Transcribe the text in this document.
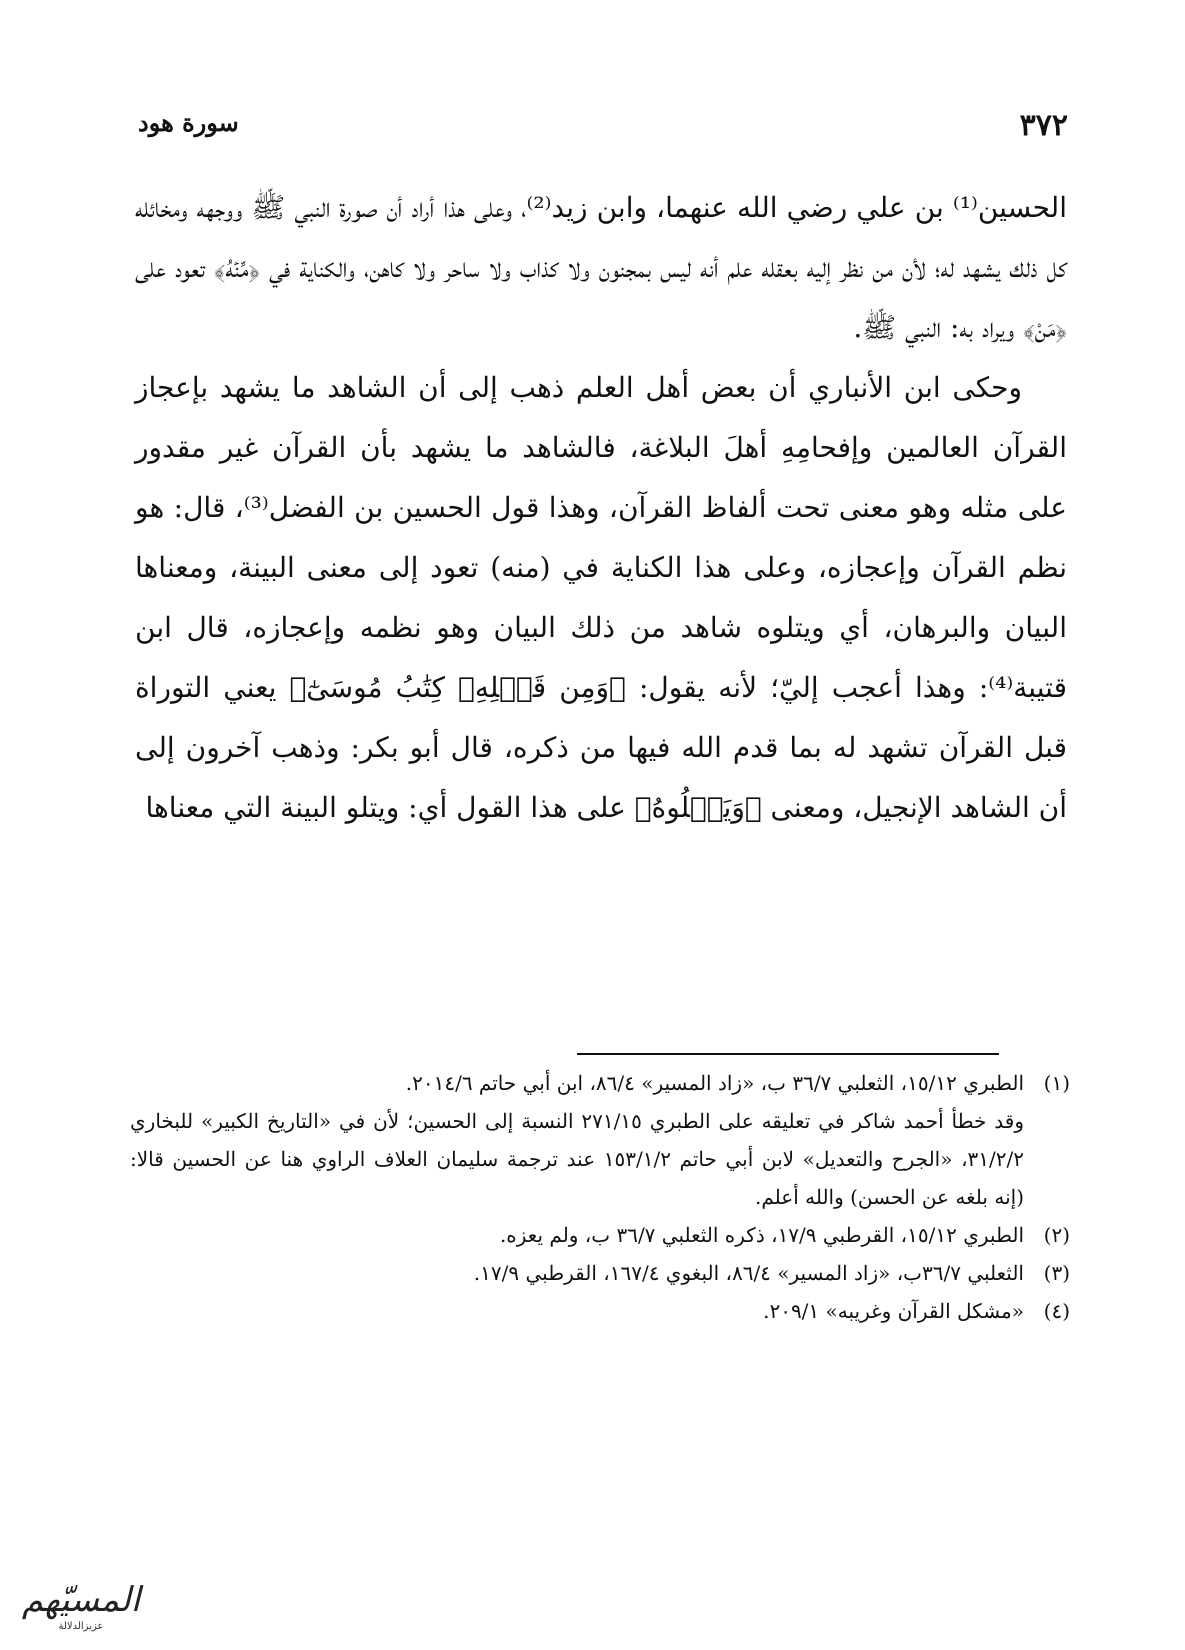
٣٧٢
سورة هود

الحسين⁽¹⁾ بن علي رضي الله عنهما، وابن زيد⁽²⁾، وعلى هذا أراد أن صورة النبي ﷺ ووجهه ومخائله كل ذلك يشهد له؛ لأن من نظر إليه بعقله علم أنه ليس بمجنون ولا كذاب ولا ساحر ولا كاهن، والكناية في ﴿مِّنۡهُ﴾ تعود على ﴿مَنْ﴾ ويراد به: النبي ﷺ.

وحكى ابن الأنباري أن بعض أهل العلم ذهب إلى أن الشاهد ما يشهد بإعجاز القرآن العالمين وإفحامِهِ أهلَ البلاغة، فالشاهد ما يشهد بأن القرآن غير مقدور على مثله وهو معنى تحت ألفاظ القرآن، وهذا قول الحسين بن الفضل⁽³⁾، قال: هو نظم القرآن وإعجازه، وعلى هذا الكناية في (منه) تعود إلى معنى البينة، ومعناها البيان والبرهان، أي ويتلوه شاهد من ذلك البيان وهو نظمه وإعجازه، قال ابن قتيبة⁽⁴⁾: وهذا أعجب إليّ؛ لأنه يقول: ﴿وَمِن قَبۡلِهِۦ كِتَٰبُ مُوسَىٰٓ﴾ يعني التوراة قبل القرآن تشهد له بما قدم الله فيها من ذكره، قال أبو بكر: وذهب آخرون إلى أن الشاهد الإنجيل، ومعنى ﴿وَيَتۡلُوهُ﴾ على هذا القول أي: ويتلو البينة التي معناها

(١)
الطبري ١٥/١٢، الثعلبي ٣٦/٧ ب، «زاد المسير» ٨٦/٤، ابن أبي حاتم ٢٠١٤/٦.
وقد خطأ أحمد شاكر في تعليقه على الطبري ٢٧١/١٥ النسبة إلى الحسين؛ لأن في «التاريخ الكبير» للبخاري ٣١/٢/٢، «الجرح والتعديل» لابن أبي حاتم ١٥٣/١/٢ عند ترجمة سليمان العلاف الراوي هنا عن الحسين قالا: (إنه بلغه عن الحسن) والله أعلم.
(٢)
الطبري ١٥/١٢، القرطبي ١٧/٩، ذكره الثعلبي ٣٦/٧ ب، ولم يعزه.
(٣)
الثعلبي ٣٦/٧ب، «زاد المسير» ٨٦/٤، البغوي ١٦٧/٤، القرطبي ١٧/٩.
(٤)
«مشكل القرآن وغريبه» ٢٠٩/١.
المسيّهم
عزيزالدلالة
